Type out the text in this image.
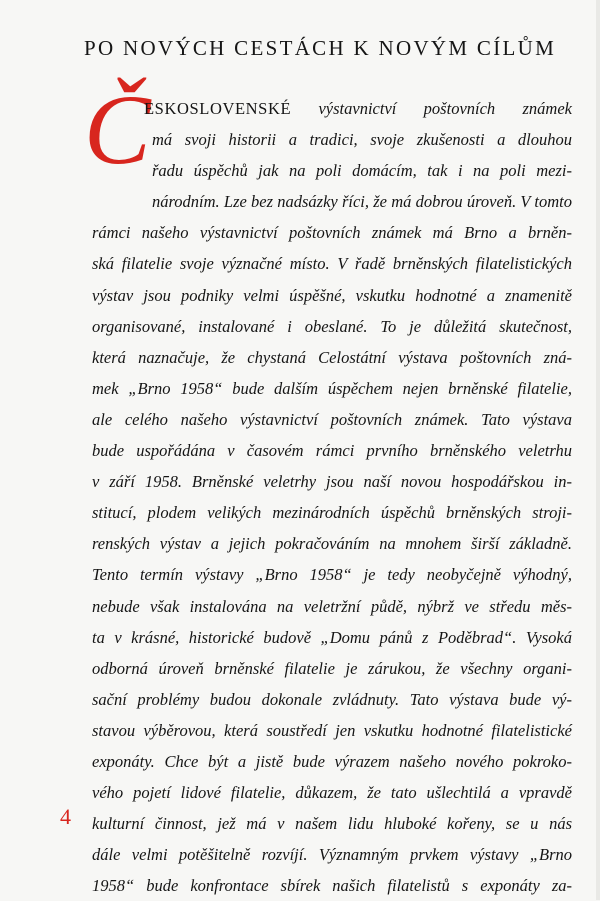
PO NOVÝCH CESTÁCH K NOVÝM CÍLŮM
Č
ESKOSLOVENSKÉ výstavnictví poštovních známek
má svoji historii a tradici, svoje zkušenosti a dlouhou
řadu úspěchů jak na poli domácím, tak i na poli mezi-
národním. Lze bez nadsázky říci, že má dobrou úroveň. V tomto
rámci našeho výstavnictví poštovních známek má Brno a brněn-
ská filatelie svoje význačné místo. V řadě brněnských filatelistických
výstav jsou podniky velmi úspěšné, vskutku hodnotné a znamenitě
organisované, instalované i obeslané. To je důležitá skutečnost,
která naznačuje, že chystaná Celostátní výstava poštovních zná-
mek „Brno 1958“ bude dalším úspěchem nejen brněnské filatelie,
ale celého našeho výstavnictví poštovních známek. Tato výstava
bude uspořádána v časovém rámci prvního brněnského veletrhu
v září 1958. Brněnské veletrhy jsou naší novou hospodářskou in-
stitucí, plodem velikých mezinárodních úspěchů brněnských stroji-
renských výstav a jejich pokračováním na mnohem širší základně.
Tento termín výstavy „Brno 1958“ je tedy neobyčejně výhodný,
nebude však instalována na veletržní půdě, nýbrž ve středu měs-
ta v krásné, historické budově „Domu pánů z Poděbrad“. Vysoká
odborná úroveň brněnské filatelie je zárukou, že všechny organi-
sační problémy budou dokonale zvládnuty. Tato výstava bude vý-
stavou výběrovou, která soustředí jen vskutku hodnotné filatelistické
exponáty. Chce být a jistě bude výrazem našeho nového pokroko-
vého pojetí lidové filatelie, důkazem, že tato ušlechtilá a vpravdě
kulturní činnost, jež má v našem lidu hluboké kořeny, se u nás
dále velmi potěšitelně rozvíjí. Významným prvkem výstavy „Brno
1958“ bude konfrontace sbírek našich filatelistů s exponáty za-
4
